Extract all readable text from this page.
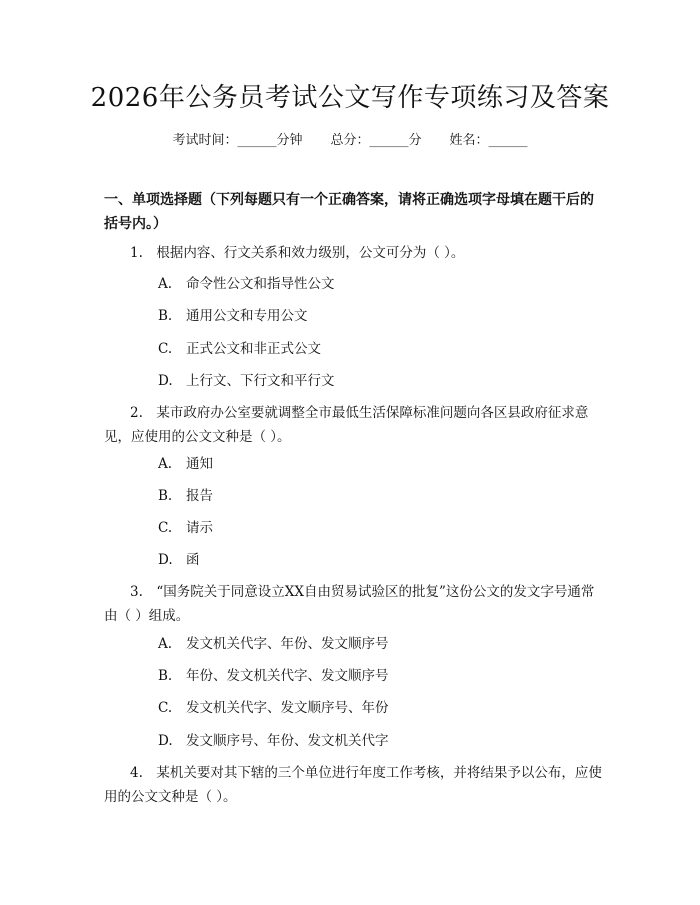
2026年公务员考试公文写作专项练习及答案
考试时间：______分钟 总分：______分 姓名：______
一、单项选择题（下列每题只有一个正确答案，请将正确选项字母填在题干后的括号内。）
1.　根据内容、行文关系和效力级别，公文可分为（ ）。
A. 命令性公文和指导性公文
B. 通用公文和专用公文
C. 正式公文和非正式公文
D. 上行文、下行文和平行文
2.　某市政府办公室要就调整全市最低生活保障标准问题向各区县政府征求意见，应使用的公文文种是（ ）。
A. 通知
B. 报告
C. 请示
D. 函
3.　“国务院关于同意设立XX自由贸易试验区的批复”这份公文的发文字号通常由（ ）组成。
A. 发文机关代字、年份、发文顺序号
B. 年份、发文机关代字、发文顺序号
C. 发文机关代字、发文顺序号、年份
D. 发文顺序号、年份、发文机关代字
4.　某机关要对其下辖的三个单位进行年度工作考核，并将结果予以公布，应使用的公文文种是（ ）。
